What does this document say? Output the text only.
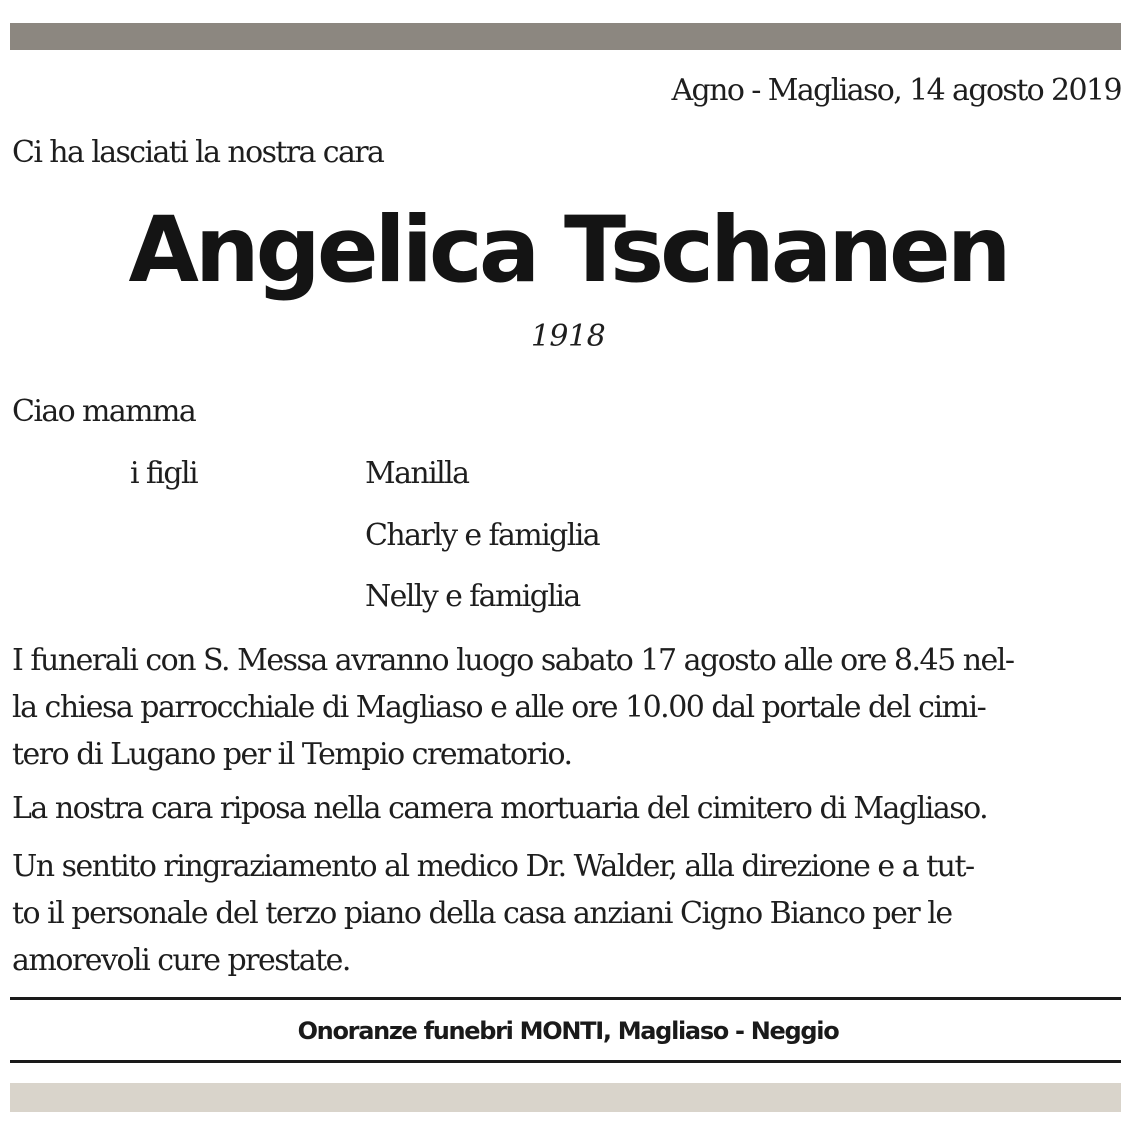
Agno - Magliaso, 14 agosto 2019
Ci ha lasciati la nostra cara
Angelica Tschanen
1918
Ciao mamma
i figli	Manilla
Charly e famiglia
Nelly e famiglia
I funerali con S. Messa avranno luogo sabato 17 agosto alle ore 8.45 nel-
la chiesa parrocchiale di Magliaso e alle ore 10.00 dal portale del cimi-
tero di Lugano per il Tempio crematorio.
La nostra cara riposa nella camera mortuaria del cimitero di Magliaso.
Un sentito ringraziamento al medico Dr. Walder, alla direzione e a tut-
to il personale del terzo piano della casa anziani Cigno Bianco per le
amorevoli cure prestate.
Onoranze funebri MONTI, Magliaso - Neggio
